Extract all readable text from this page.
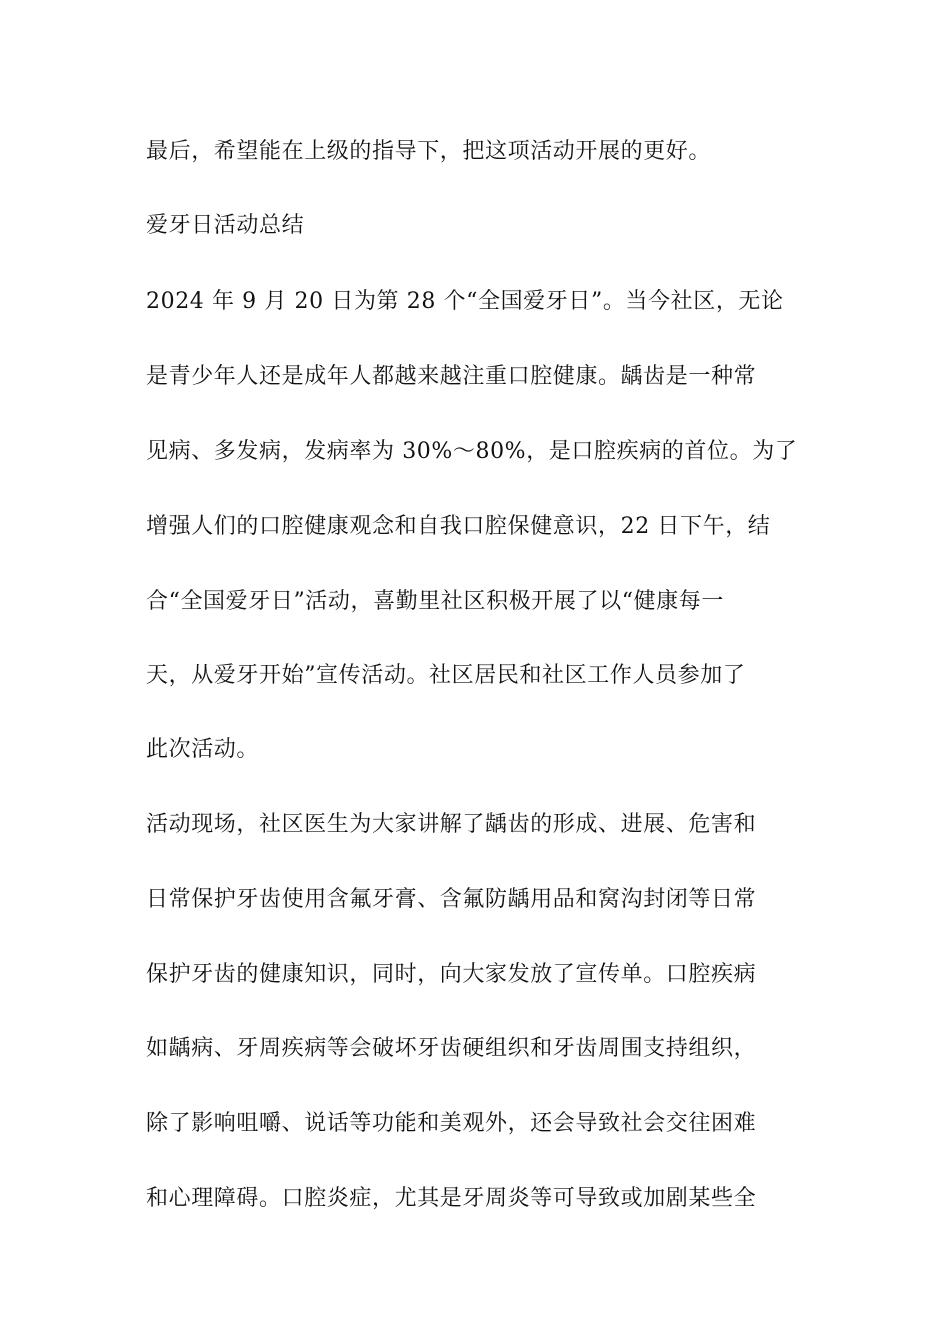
最后，希望能在上级的指导下，把这项活动开展的更好。
爱牙日活动总结
2024 年 9 月 20 日为第 28 个“全国爱牙日”。当今社区，无论
是青少年人还是成年人都越来越注重口腔健康。龋齿是一种常
见病、多发病，发病率为 30%～80%，是口腔疾病的首位。为了
增强人们的口腔健康观念和自我口腔保健意识，22 日下午，结
合“全国爱牙日”活动，喜勤里社区积极开展了以“健康每一
天，从爱牙开始”宣传活动。社区居民和社区工作人员参加了
此次活动。
活动现场，社区医生为大家讲解了龋齿的形成、进展、危害和
日常保护牙齿使用含氟牙膏、含氟防龋用品和窝沟封闭等日常
保护牙齿的健康知识，同时，向大家发放了宣传单。口腔疾病
如龋病、牙周疾病等会破坏牙齿硬组织和牙齿周围支持组织，
除了影响咀嚼、说话等功能和美观外，还会导致社会交往困难
和心理障碍。口腔炎症，尤其是牙周炎等可导致或加剧某些全
